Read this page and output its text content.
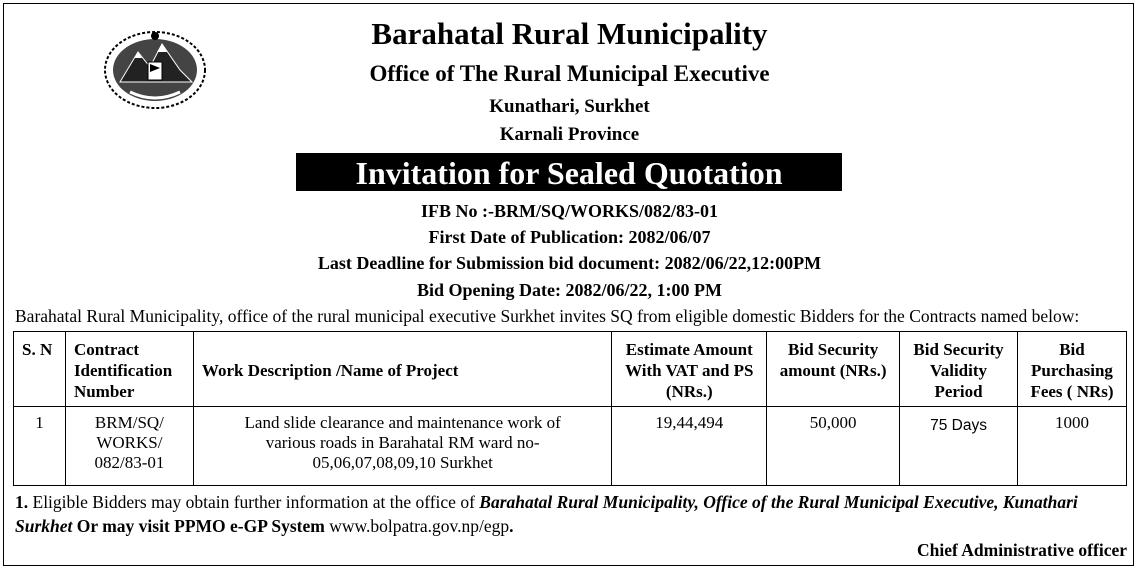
Barahatal Rural Municipality
Office of The Rural Municipal Executive
Kunathari, Surkhet
Karnali Province
Invitation for Sealed Quotation
IFB No :-BRM/SQ/WORKS/082/83-01
First Date of Publication: 2082/06/07
Last Deadline for Submission bid document: 2082/06/22,12:00PM
Bid Opening Date: 2082/06/22, 1:00 PM
Barahatal Rural Municipality, office of the rural municipal executive Surkhet invites SQ from eligible domestic Bidders for the Contracts named below:
S. N	Contract Identification Number	Work Description /Name of Project	Estimate Amount With VAT and PS (NRs.)	Bid Security amount (NRs.)	Bid Security Validity Period	Bid Purchasing Fees ( NRs)
1	BRM/SQ/ WORKS/ 082/83-01	Land slide clearance and maintenance work of various roads in Barahatal RM ward no-05,06,07,08,09,10 Surkhet	19,44,494	50,000	75 Days	1000
1. Eligible Bidders may obtain further information at the office of Barahatal Rural Municipality, Office of the Rural Municipal Executive, Kunathari Surkhet Or may visit PPMO e-GP System www.bolpatra.gov.np/egp.
Chief Administrative officer
